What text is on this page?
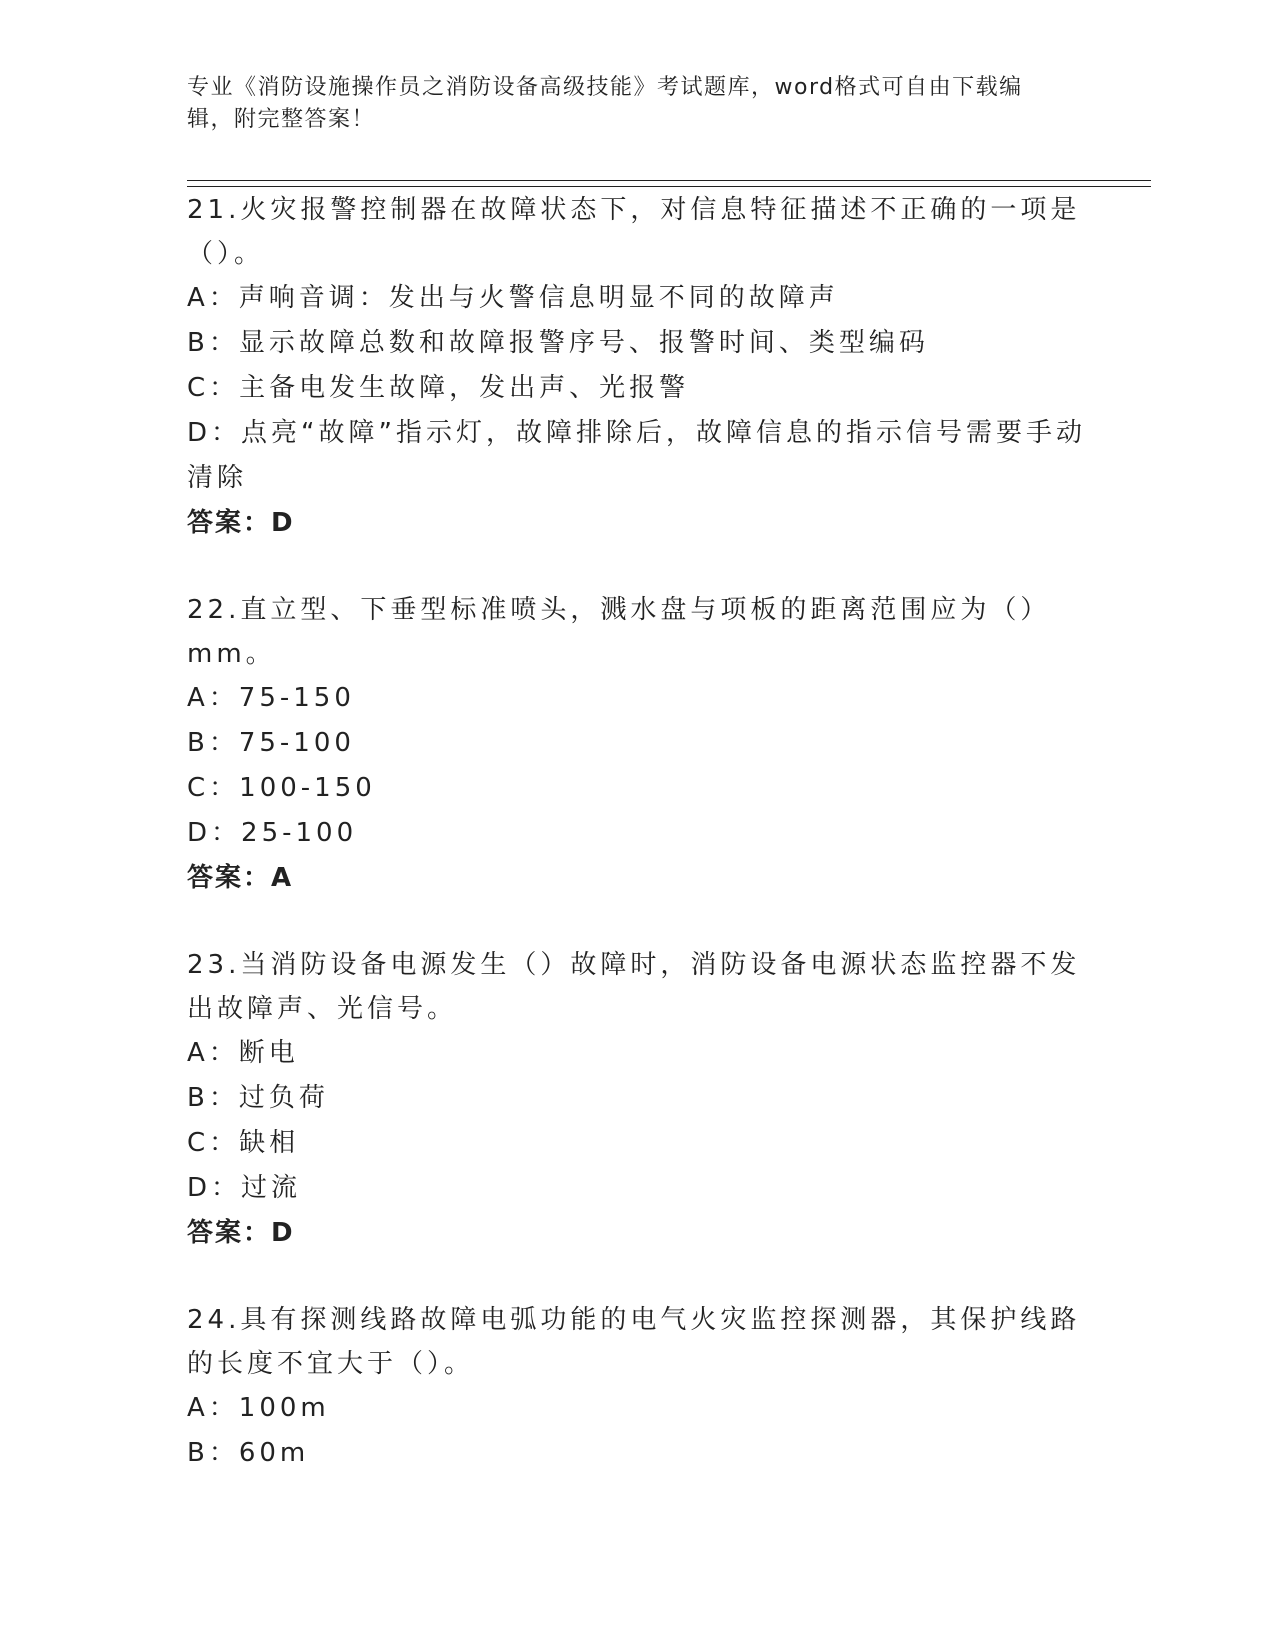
专业《消防设施操作员之消防设备高级技能》考试题库，word格式可自由下载编辑，附完整答案！

21.火灾报警控制器在故障状态下，对信息特征描述不正确的一项是（）。

A：声响音调：发出与火警信息明显不同的故障声

B：显示故障总数和故障报警序号、报警时间、类型编码

C：主备电发生故障，发出声、光报警

D：点亮“故障”指示灯，故障排除后，故障信息的指示信号需要手动清除

答案：D

22.直立型、下垂型标准喷头，溅水盘与项板的距离范围应为（）mm。

A：75-150

B：75-100

C：100-150

D：25-100

答案：A

23.当消防设备电源发生（）故障时，消防设备电源状态监控器不发出故障声、光信号。

A：断电

B：过负荷

C：缺相

D：过流

答案：D

24.具有探测线路故障电弧功能的电气火灾监控探测器，其保护线路的长度不宜大于（）。

A：100m

B：60m
